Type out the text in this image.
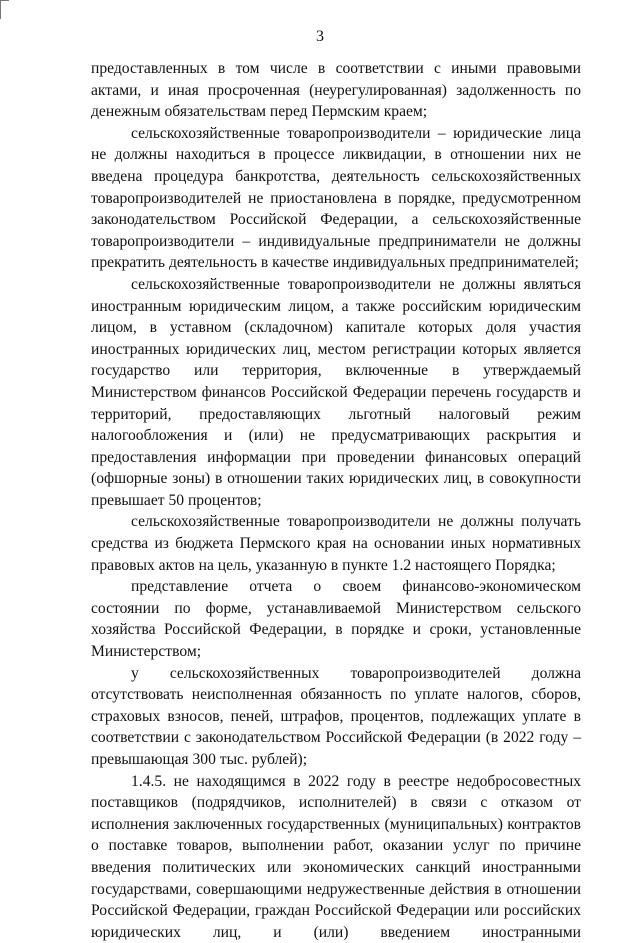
3

предоставленных в том числе в соответствии с иными правовыми актами, и иная просроченная (неурегулированная) задолженность по денежным обязательствам перед Пермским краем;

сельскохозяйственные товаропроизводители – юридические лица не должны находиться в процессе ликвидации, в отношении них не введена процедура банкротства, деятельность сельскохозяйственных товаропроизводителей не приостановлена в порядке, предусмотренном законодательством Российской Федерации, а сельскохозяйственные товаропроизводители – индивидуальные предприниматели не должны прекратить деятельность в качестве индивидуальных предпринимателей;

сельскохозяйственные товаропроизводители не должны являться иностранным юридическим лицом, а также российским юридическим лицом, в уставном (складочном) капитале которых доля участия иностранных юридических лиц, местом регистрации которых является государство или территория, включенные в утверждаемый Министерством финансов Российской Федерации перечень государств и территорий, предоставляющих льготный налоговый режим налогообложения и (или) не предусматривающих раскрытия и предоставления информации при проведении финансовых операций (офшорные зоны) в отношении таких юридических лиц, в совокупности превышает 50 процентов;

сельскохозяйственные товаропроизводители не должны получать средства из бюджета Пермского края на основании иных нормативных правовых актов на цель, указанную в пункте 1.2 настоящего Порядка;

представление отчета о своем финансово-экономическом состоянии по форме, устанавливаемой Министерством сельского хозяйства Российской Федерации, в порядке и сроки, установленные Министерством;

у сельскохозяйственных товаропроизводителей должна отсутствовать неисполненная обязанность по уплате налогов, сборов, страховых взносов, пеней, штрафов, процентов, подлежащих уплате в соответствии с законодательством Российской Федерации (в 2022 году – превышающая 300 тыс. рублей);

1.4.5. не находящимся в 2022 году в реестре недобросовестных поставщиков (подрядчиков, исполнителей) в связи с отказом от исполнения заключенных государственных (муниципальных) контрактов о поставке товаров, выполнении работ, оказании услуг по причине введения политических или экономических санкций иностранными государствами, совершающими недружественные действия в отношении Российской Федерации, граждан Российской Федерации или российских юридических лиц, и (или) введением иностранными
